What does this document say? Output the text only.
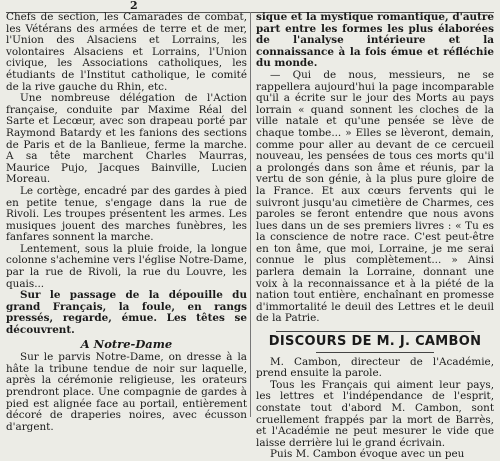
2

Chefs de section, les Camarades de combat, les Vétérans des armées de terre et de mer, l'Union des Alsaciens et Lorrains, les volontaires Alsaciens et Lorrains, l'Union civique, les Associations catholiques, les étudiants de l'Institut catholique, le comité de la rive gauche du Rhin, etc.

Une nombreuse délégation de l'Action française, conduite par Maxime Réal del Sarte et Lecœur, avec son drapeau porté par Raymond Batardy et les fanions des sections de Paris et de la Banlieue, ferme la marche. A sa tête marchent Charles Maurras, Maurice Pujo, Jacques Bainville, Lucien Moreau.

Le cortège, encadré par des gardes à pied en petite tenue, s'engage dans la rue de Rivoli. Les troupes présentent les armes. Les musiques jouent des marches funèbres, les fanfares sonnent la marche.

Lentement, sous la pluie froide, la longue colonne s'achemine vers l'église Notre-Dame, par la rue de Rivoli, la rue du Louvre, les quais...

Sur le passage de la dépouille du grand Français, la foule, en rangs pressés, regarde, émue. Les têtes se découvrent.

A Notre-Dame

Sur le parvis Notre-Dame, on dresse à la hâte la tribune tendue de noir sur laquelle, après la cérémonie religieuse, les orateurs prendront place. Une compagnie de gardes à pied est alignée face au portail, entièrement décoré de draperies noires, avec écusson d'argent.

sique et la mystique romantique, d'autre part entre les formes les plus élaborées de l'analyse intérieure et la connaissance à la fois émue et réfléchie du monde.

— Qui de nous, messieurs, ne se rappellera aujourd'hui la page incomparable qu'il a écrite sur le jour des Morts au pays lorrain « quand sonnent les cloches de la ville natale et qu'une pensée se lève de chaque tombe... » Elles se lèveront, demain, comme pour aller au devant de ce cercueil nouveau, les pensées de tous ces morts qu'il a prolongés dans son âme et réunis, par la vertu de son génie, à la plus pure gloire de la France. Et aux cœurs fervents qui le suivront jusqu'au cimetière de Charmes, ces paroles se feront entendre que nous avons lues dans un de ses premiers livres : « Tu es la conscience de notre race. C'est peut-être en ton âme, que moi, Lorraine, je me serai connue le plus complètement... » Ainsi parlera demain la Lorraine, donnant une voix à la reconnaissance et à la piété de la nation tout entière, enchaînant en promesse d'immortalité le deuil des Lettres et le deuil de la Patrie.

DISCOURS DE M. J. CAMBON

M. Cambon, directeur de l'Académie, prend ensuite la parole.

Tous les Français qui aiment leur pays, les lettres et l'indépendance de l'esprit, constate tout d'abord M. Cambon, sont cruellement frappés par la mort de Barrès, et l'Académie ne peut mesurer le vide que laisse derrière lui le grand écrivain.

Puis M. Cambon évoque avec un peu
